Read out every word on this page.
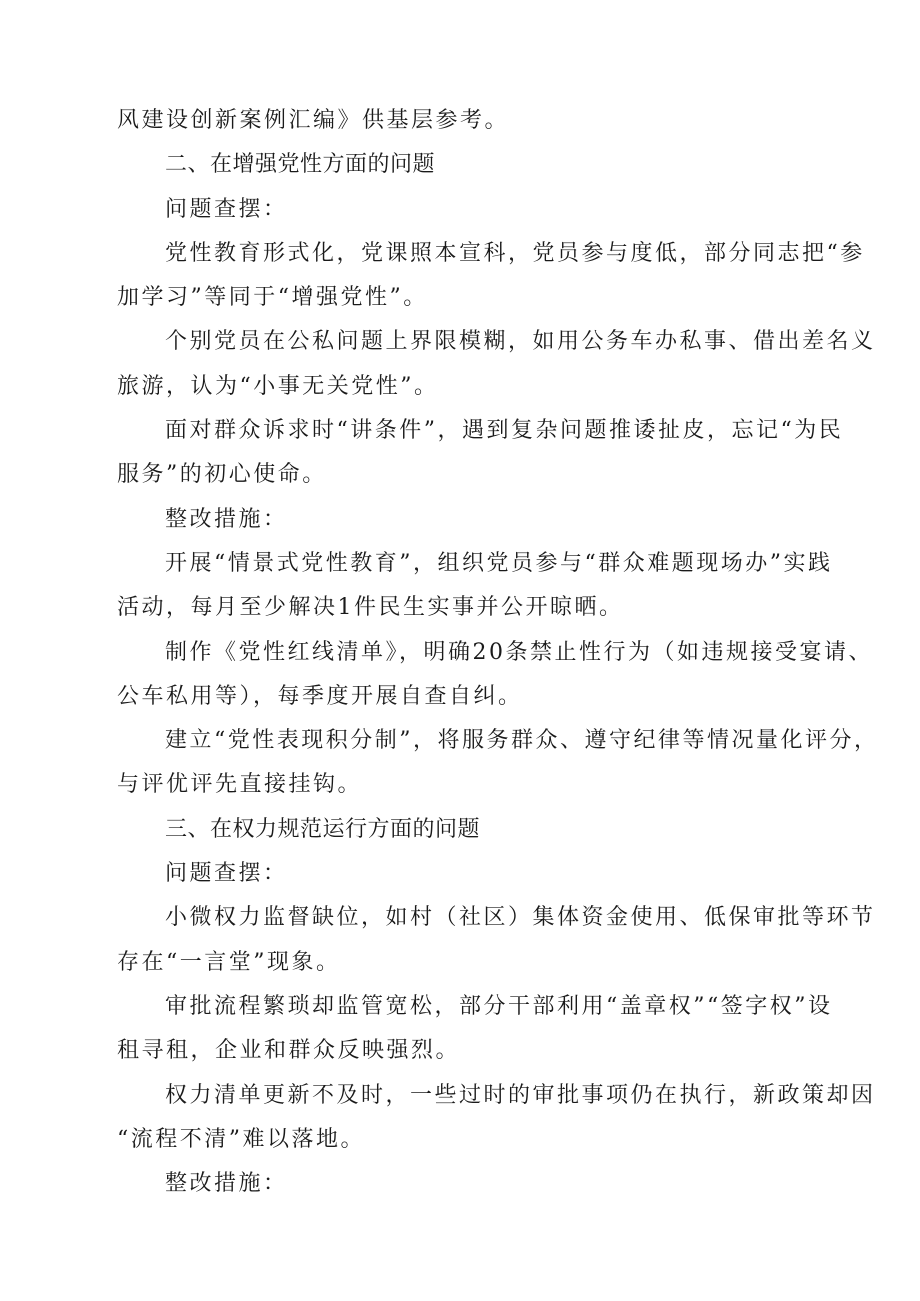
风建设创新案例汇编》供基层参考。

二、在增强党性方面的问题

问题查摆：

党性教育形式化，党课照本宣科，党员参与度低，部分同志把“参

加学习”等同于“增强党性”。

个别党员在公私问题上界限模糊，如用公务车办私事、借出差名义

旅游，认为“小事无关党性”。

面对群众诉求时“讲条件”，遇到复杂问题推诿扯皮，忘记“为民

服务”的初心使命。

整改措施：

开展“情景式党性教育”，组织党员参与“群众难题现场办”实践

活动，每月至少解决1件民生实事并公开晾晒。

制作《党性红线清单》，明确20条禁止性行为（如违规接受宴请、

公车私用等），每季度开展自查自纠。

建立“党性表现积分制”，将服务群众、遵守纪律等情况量化评分，

与评优评先直接挂钩。

三、在权力规范运行方面的问题

问题查摆：

小微权力监督缺位，如村（社区）集体资金使用、低保审批等环节

存在“一言堂”现象。

审批流程繁琐却监管宽松，部分干部利用“盖章权”“签字权”设

租寻租，企业和群众反映强烈。

权力清单更新不及时，一些过时的审批事项仍在执行，新政策却因

“流程不清”难以落地。

整改措施：
